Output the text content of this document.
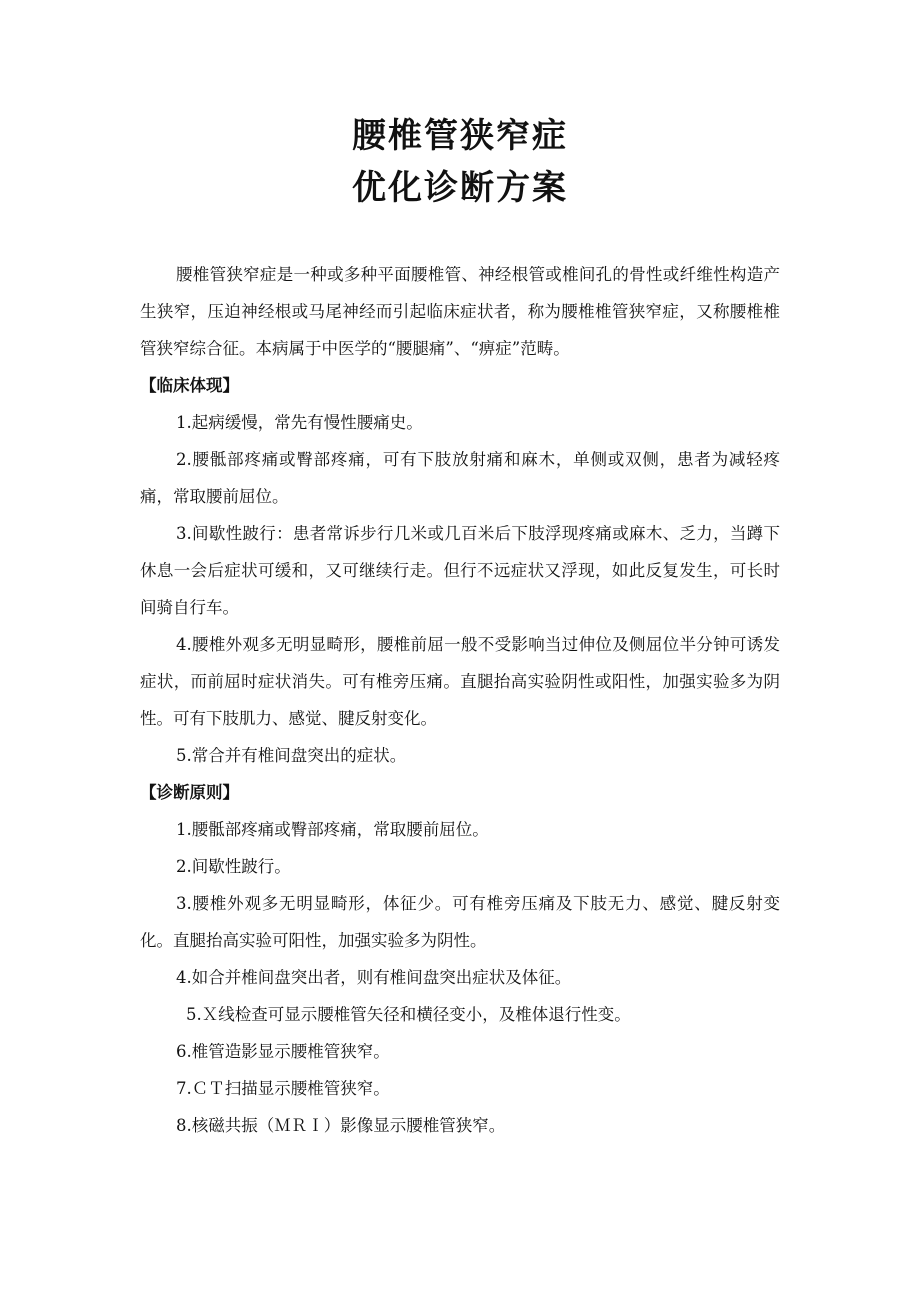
腰椎管狭窄症
优化诊断方案

腰椎管狭窄症是一种或多种平面腰椎管、神经根管或椎间孔的骨性或纤维性构造产生狭窄，压迫神经根或马尾神经而引起临床症状者，称为腰椎椎管狭窄症，又称腰椎椎管狭窄综合征。本病属于中医学的“腰腿痛”、“痹症”范畴。

【临床体现】

1.起病缓慢，常先有慢性腰痛史。

2.腰骶部疼痛或臀部疼痛，可有下肢放射痛和麻木，单侧或双侧，患者为减轻疼痛，常取腰前屈位。

3.间歇性跛行：患者常诉步行几米或几百米后下肢浮现疼痛或麻木、乏力，当蹲下休息一会后症状可缓和，又可继续行走。但行不远症状又浮现，如此反复发生，可长时间骑自行车。

4.腰椎外观多无明显畸形，腰椎前屈一般不受影响当过伸位及侧屈位半分钟可诱发症状，而前屈时症状消失。可有椎旁压痛。直腿抬高实验阴性或阳性，加强实验多为阴性。可有下肢肌力、感觉、腱反射变化。

5.常合并有椎间盘突出的症状。

【诊断原则】

1.腰骶部疼痛或臀部疼痛，常取腰前屈位。

2.间歇性跛行。

3.腰椎外观多无明显畸形，体征少。可有椎旁压痛及下肢无力、感觉、腱反射变化。直腿抬高实验可阳性，加强实验多为阴性。

4.如合并椎间盘突出者，则有椎间盘突出症状及体征。

5.Ｘ线检查可显示腰椎管矢径和横径变小，及椎体退行性变。

6.椎管造影显示腰椎管狭窄。

7.ＣＴ扫描显示腰椎管狭窄。

8.核磁共振（ＭＲＩ）影像显示腰椎管狭窄。
